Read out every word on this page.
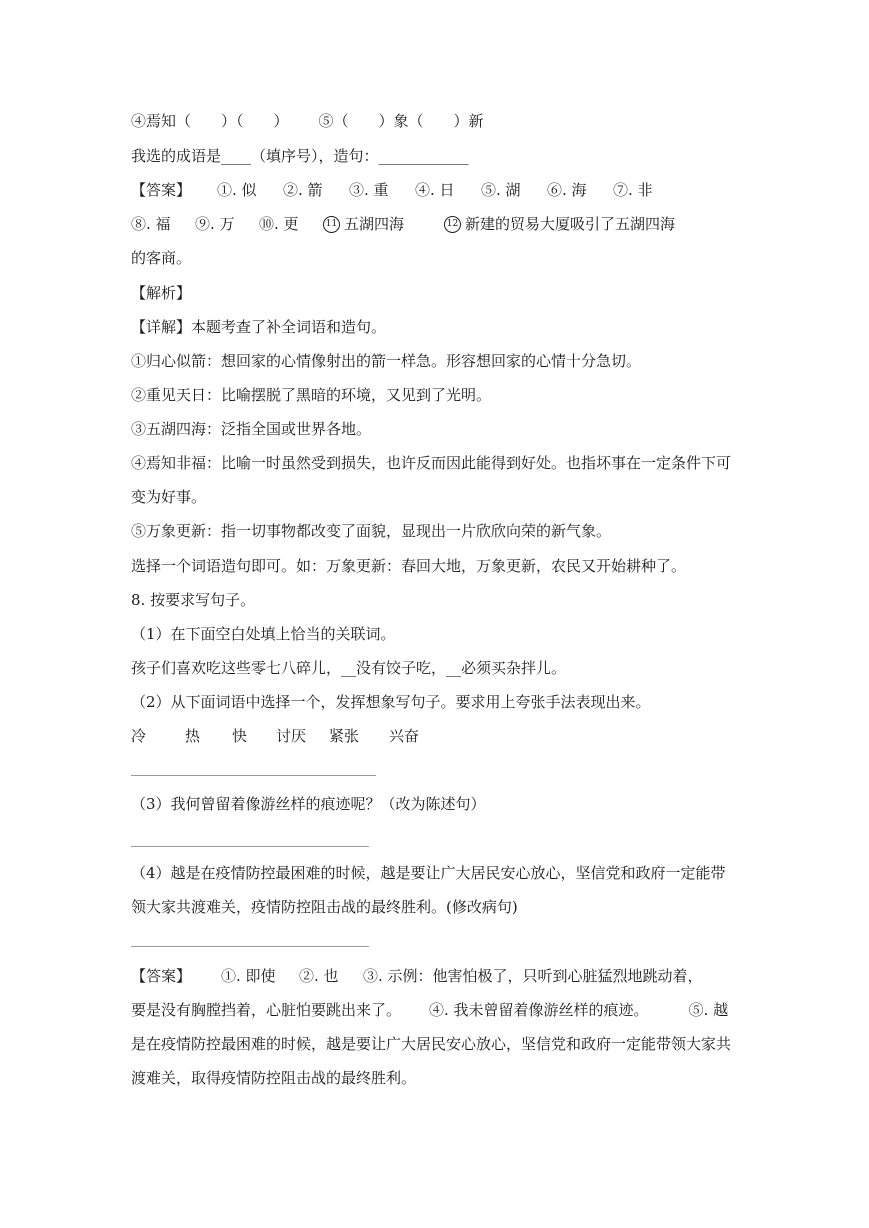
④焉知（　　）（　　） ⑤（　　）象（　　）新
我选的成语是____（填序号），造句：____________
【答案】 ①. 似	②. 箭	③. 重	④. 日	⑤. 湖	⑥. 海	⑦. 非
⑧. 福	⑨. 万	⑩. 更	11 五湖四海	12 新建的贸易大厦吸引了五湖四海
的客商。
【解析】
【详解】本题考查了补全词语和造句。
①归心似箭：想回家的心情像射出的箭一样急。形容想回家的心情十分急切。
②重见天日：比喻摆脱了黑暗的环境，又见到了光明。
③五湖四海：泛指全国或世界各地。
④焉知非福：比喻一时虽然受到损失，也许反而因此能得到好处。也指坏事在一定条件下可
变为好事。
⑤万象更新：指一切事物都改变了面貌，显现出一片欣欣向荣的新气象。
选择一个词语造句即可。如：万象更新：春回大地，万象更新，农民又开始耕种了。
8. 按要求写句子。
（1）在下面空白处填上恰当的关联词。
孩子们喜欢吃这些零七八碎儿，__没有饺子吃，__必须买杂拌儿。
（2）从下面词语中选择一个，发挥想象写句子。要求用上夸张手法表现出来。
冷	热	快	讨厌	紧张	兴奋
（3）我何曾留着像游丝样的痕迹呢？（改为陈述句）
（4）越是在疫情防控最困难的时候，越是要让广大居民安心放心，坚信党和政府一定能带
领大家共渡难关，疫情防控阻击战的最终胜利。(修改病句)
【答案】 ①. 即使	②. 也	③. 示例：他害怕极了，只听到心脏猛烈地跳动着，
要是没有胸膛挡着，心脏怕要跳出来了。 ④. 我未曾留着像游丝样的痕迹。	⑤. 越
是在疫情防控最困难的时候，越是要让广大居民安心放心，坚信党和政府一定能带领大家共
渡难关，取得疫情防控阻击战的最终胜利。
